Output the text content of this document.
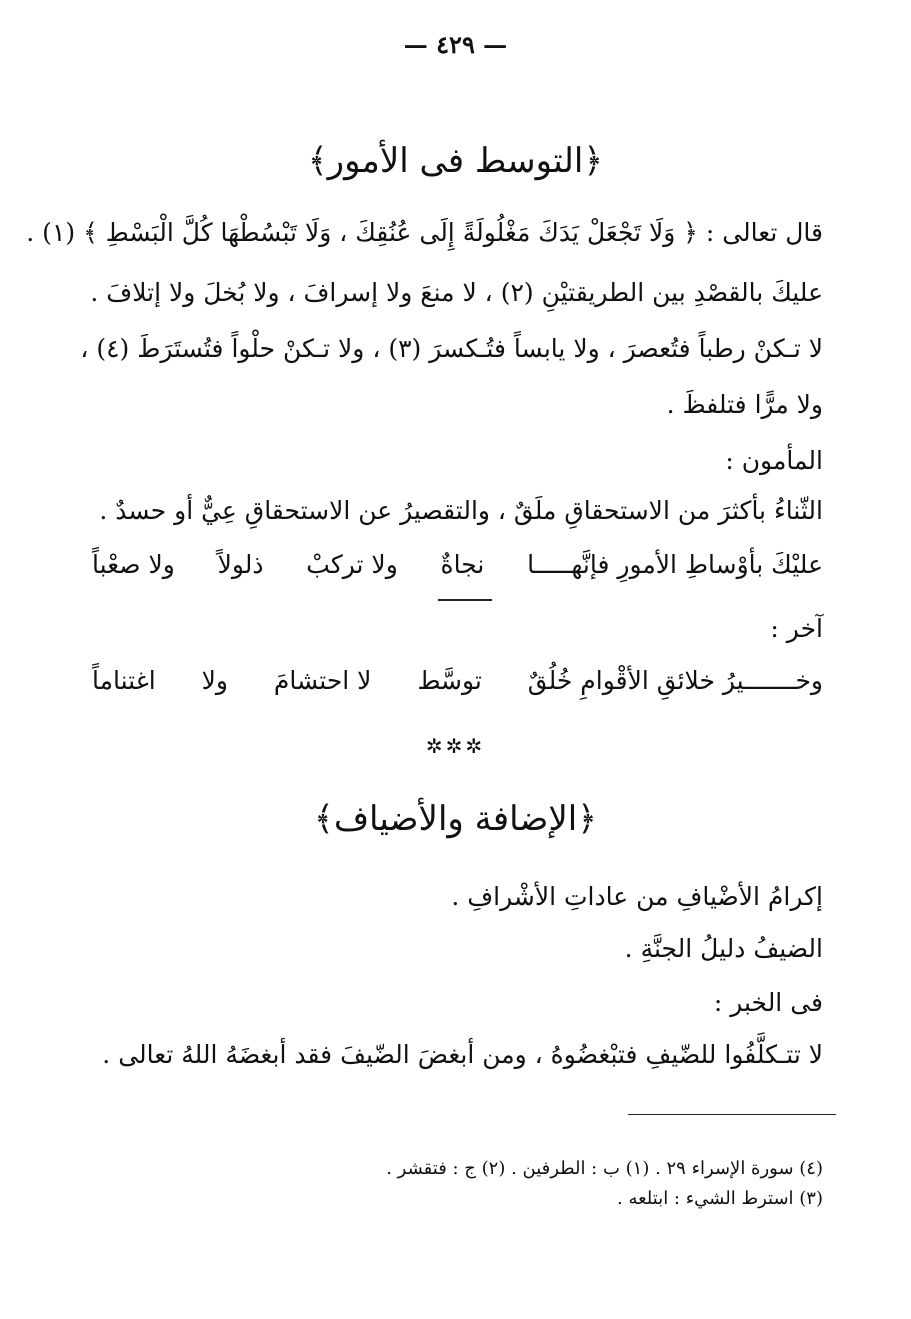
— ٤٢٩ —
﴿التوسط فى الأمور﴾
قال تعالى : ﴿ وَلَا تَجْعَلْ يَدَكَ مَغْلُولَةً إِلَى عُنُقِكَ ، وَلَا تَبْسُطْهَا كُلَّ الْبَسْطِ ﴾ (١) .
عليكَ بالقصْدِ بين الطريقتيْنِ (٢) ، لا منعَ ولا إسرافَ ، ولا بُخلَ ولا إتلافَ .
لا تـكنْ رطباً فتُعصرَ ، ولا يابساً فتُـكسرَ (٣) ، ولا تـكنْ حلْواً فتُستَرَطَ (٤) ،
ولا مرًّا فتلفظَ .
المأمون :
الثّناءُ بأكثرَ من الاستحقاقِ ملَقٌ ، والتقصيرُ عن الاستحقاقِ عِيٌّ أو حسدٌ .
عليْكَ بأوْساطِ الأمورِ فإنَّهـــــا
نجاةٌ
ولا تركبْ
ذلولاً
ولا صعْباً
آخر :
وخـــــــيرُ خلائقِ الأقْوامِ خُلُقٌ
توسَّط
لا احتشامَ
ولا
اغتناماً
✲✲✲
﴿الإضافة والأضياف﴾
إكرامُ الأضْيافِ من عاداتِ الأشْرافِ .
الضيفُ دليلُ الجنَّةِ .
فى الخبر :
لا تتـكلَّفُوا للضّيفِ فتبْغضُوهُ ، ومن أبغضَ الضّيفَ فقد أبغضَهُ اللهُ تعالى .
(٤) سورة الإسراء ٢٩ . (١) ب : الطرفين . (٢) ج : فتقشر .
(٣) استرط الشيء : ابتلعه .
